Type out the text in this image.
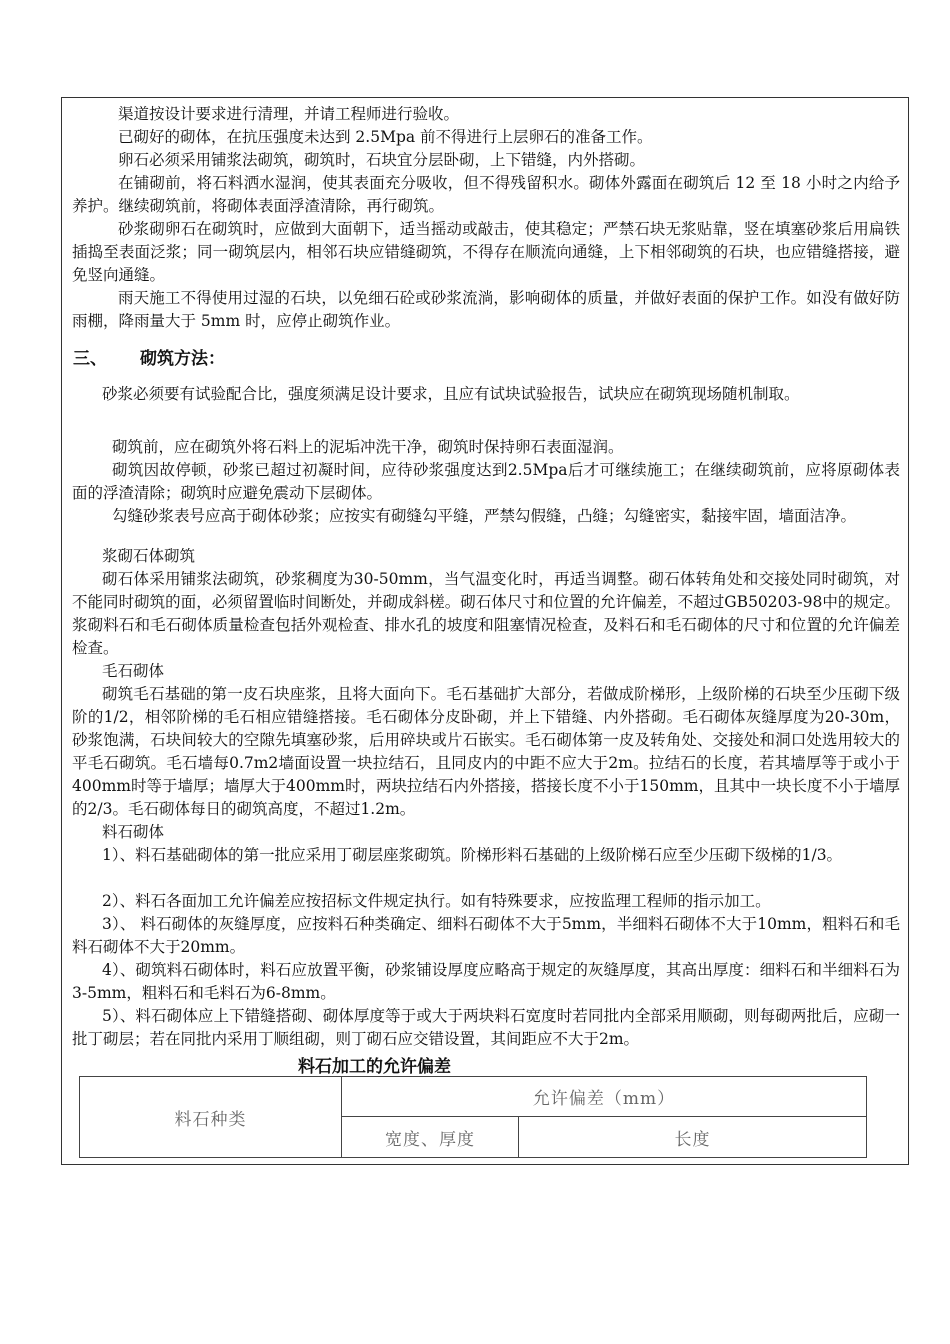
渠道按设计要求进行清理，并请工程师进行验收。

已砌好的砌体，在抗压强度未达到 2.5Mpa 前不得进行上层卵石的准备工作。

卵石必须采用铺浆法砌筑，砌筑时，石块宜分层卧砌，上下错缝，内外搭砌。

在铺砌前，将石料洒水湿润，使其表面充分吸收，但不得残留积水。砌体外露面在砌筑后 12 至 18 小时之内给予养护。继续砌筑前，将砌体表面浮渣清除，再行砌筑。

砂浆砌卵石在砌筑时，应做到大面朝下，适当摇动或敲击，使其稳定；严禁石块无浆贴靠，竖在填塞砂浆后用扁铁插捣至表面泛浆；同一砌筑层内，相邻石块应错缝砌筑，不得存在顺流向通缝，上下相邻砌筑的石块，也应错缝搭接，避免竖向通缝。

雨天施工不得使用过湿的石块，以免细石砼或砂浆流淌，影响砌体的质量，并做好表面的保护工作。如没有做好防雨棚，降雨量大于 5mm 时，应停止砌筑作业。

三、 砌筑方法：

砂浆必须要有试验配合比，强度须满足设计要求，且应有试块试验报告，试块应在砌筑现场随机制取。

砌筑前，应在砌筑外将石料上的泥垢冲洗干净，砌筑时保持卵石表面湿润。

砌筑因故停顿，砂浆已超过初凝时间，应待砂浆强度达到2.5Mpa后才可继续施工；在继续砌筑前，应将原砌体表面的浮渣清除；砌筑时应避免震动下层砌体。

勾缝砂浆表号应高于砌体砂浆；应按实有砌缝勾平缝，严禁勾假缝，凸缝；勾缝密实，黏接牢固，墙面洁净。

浆砌石体砌筑

砌石体采用铺浆法砌筑，砂浆稠度为30-50mm，当气温变化时，再适当调整。砌石体转角处和交接处同时砌筑，对不能同时砌筑的面，必须留置临时间断处，并砌成斜槎。砌石体尺寸和位置的允许偏差，不超过GB50203-98中的规定。浆砌料石和毛石砌体质量检查包括外观检查、排水孔的坡度和阻塞情况检查，及料石和毛石砌体的尺寸和位置的允许偏差检查。

毛石砌体

砌筑毛石基础的第一皮石块座浆，且将大面向下。毛石基础扩大部分，若做成阶梯形，上级阶梯的石块至少压砌下级阶的1/2，相邻阶梯的毛石相应错缝搭接。毛石砌体分皮卧砌，并上下错缝、内外搭砌。毛石砌体灰缝厚度为20-30m，砂浆饱满，石块间较大的空隙先填塞砂浆，后用碎块或片石嵌实。毛石砌体第一皮及转角处、交接处和洞口处选用较大的平毛石砌筑。毛石墙每0.7m2墙面设置一块拉结石，且同皮内的中距不应大于2m。拉结石的长度，若其墙厚等于或小于400mm时等于墙厚；墙厚大于400mm时，两块拉结石内外搭接，搭接长度不小于150mm，且其中一块长度不小于墙厚的2/3。毛石砌体每日的砌筑高度，不超过1.2m。

料石砌体

1）、料石基础砌体的第一批应采用丁砌层座浆砌筑。阶梯形料石基础的上级阶梯石应至少压砌下级梯的1/3。

2）、料石各面加工允许偏差应按招标文件规定执行。如有特殊要求，应按监理工程师的指示加工。

3）、 料石砌体的灰缝厚度，应按料石种类确定、细料石砌体不大于5mm，半细料石砌体不大于10mm，粗料石和毛料石砌体不大于20mm。

4）、砌筑料石砌体时，料石应放置平衡，砂浆铺设厚度应略高于规定的灰缝厚度，其高出厚度：细料石和半细料石为3-5mm，粗料石和毛料石为6-8mm。

5）、料石砌体应上下错缝搭砌、砌体厚度等于或大于两块料石宽度时若同批内全部采用顺砌，则每砌两批后，应砌一批丁砌层；若在同批内采用丁顺组砌，则丁砌石应交错设置，其间距应不大于2m。

料石加工的允许偏差

料石种类	允许偏差（mm）	
	宽度、厚度	长度
